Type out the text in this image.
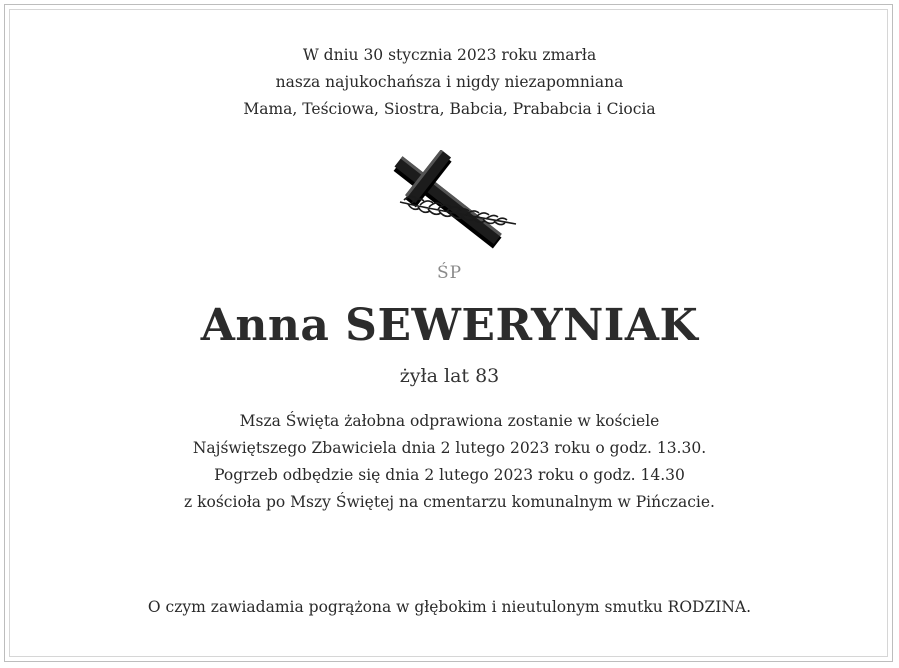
W dniu 30 stycznia 2023 roku zmarła
nasza najukochańsza i nigdy niezapomniana
Mama, Teściowa, Siostra, Babcia, Prababcia i Ciocia
ŚP
Anna SEWERYNIAK
żyła lat 83
Msza Święta żałobna odprawiona zostanie w kościele
Najświętszego Zbawiciela dnia 2 lutego 2023 roku o godz. 13.30.
Pogrzeb odbędzie się dnia 2 lutego 2023 roku o godz. 14.30
z kościoła po Mszy Świętej na cmentarzu komunalnym w Pińczacie.
O czym zawiadamia pogrążona w głębokim i nieutulonym smutku RODZINA.
